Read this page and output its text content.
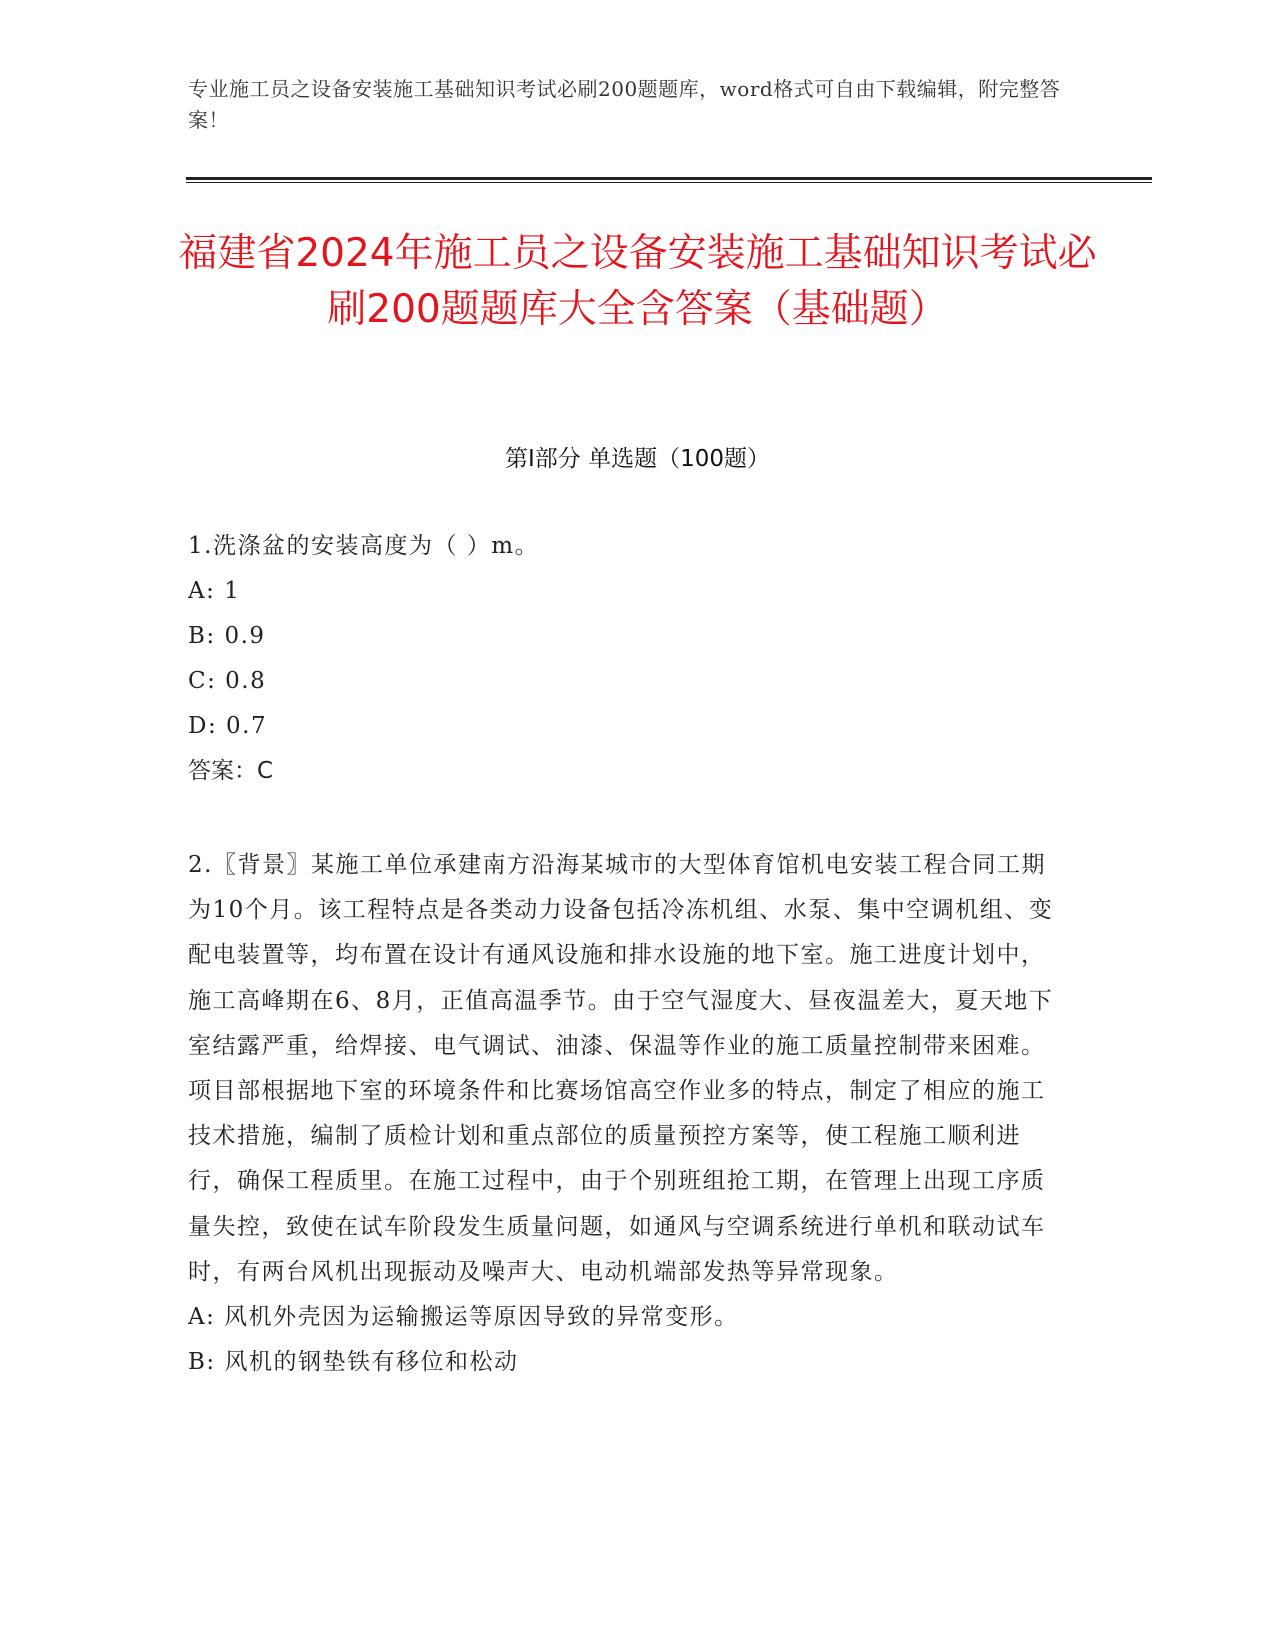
专业施工员之设备安装施工基础知识考试必刷200题题库，word格式可自由下载编辑，附完整答案！
福建省2024年施工员之设备安装施工基础知识考试必刷200题题库大全含答案（基础题）
第Ⅰ部分 单选题（100题）

1.洗涤盆的安装高度为（ ）m。

A: 1

B: 0.9

C: 0.8

D: 0.7

答案：C

2.〖背景〗某施工单位承建南方沿海某城市的大型体育馆机电安装工程合同工期为10个月。该工程特点是各类动力设备包括冷冻机组、水泵、集中空调机组、变配电装置等，均布置在设计有通风设施和排水设施的地下室。施工进度计划中，施工高峰期在6、8月，正值高温季节。由于空气湿度大、昼夜温差大，夏天地下室结露严重，给焊接、电气调试、油漆、保温等作业的施工质量控制带来困难。项目部根据地下室的环境条件和比赛场馆高空作业多的特点，制定了相应的施工技术措施，编制了质检计划和重点部位的质量预控方案等，使工程施工顺利进行，确保工程质里。在施工过程中，由于个别班组抢工期，在管理上出现工序质量失控，致使在试车阶段发生质量问题，如通风与空调系统进行单机和联动试车时，有两台风机出现振动及噪声大、电动机端部发热等异常现象。

A: 风机外壳因为运输搬运等原因导致的异常变形。

B: 风机的钢垫铁有移位和松动
